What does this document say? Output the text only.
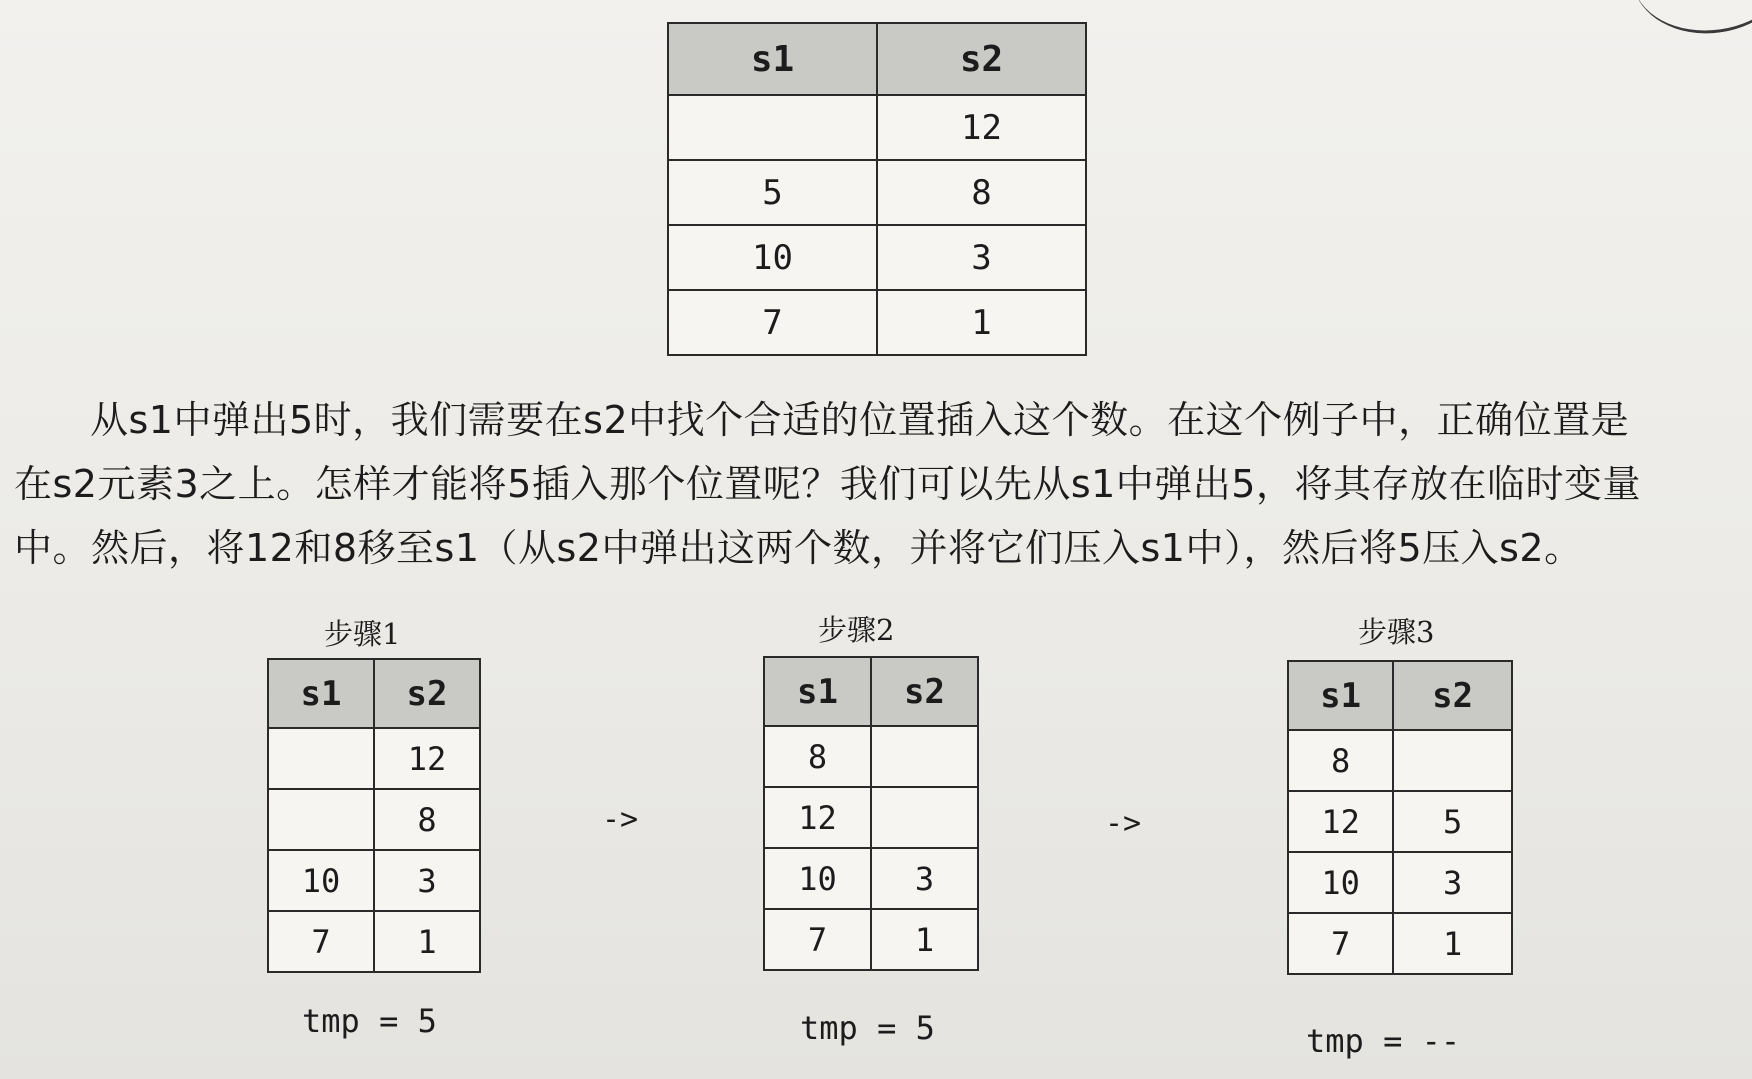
s1	s2
	12
5	8
10	3
7	1

从s1中弹出5时，我们需要在s2中找个合适的位置插入这个数。在这个例子中，正确位置是

在s2元素3之上。怎样才能将5插入那个位置呢？我们可以先从s1中弹出5，将其存放在临时变量

中。然后，将12和8移至s1（从s2中弹出这两个数，并将它们压入s1中），然后将5压入s2。

步骤1	步骤2	步骤3
s1	s2
	12
	8
10	3
7	1
->
s1	s2
8	
12	
10	3
7	1
->
s1	s2
8	
12	5
10	3
7	1
tmp = 5	tmp = 5	tmp = --
